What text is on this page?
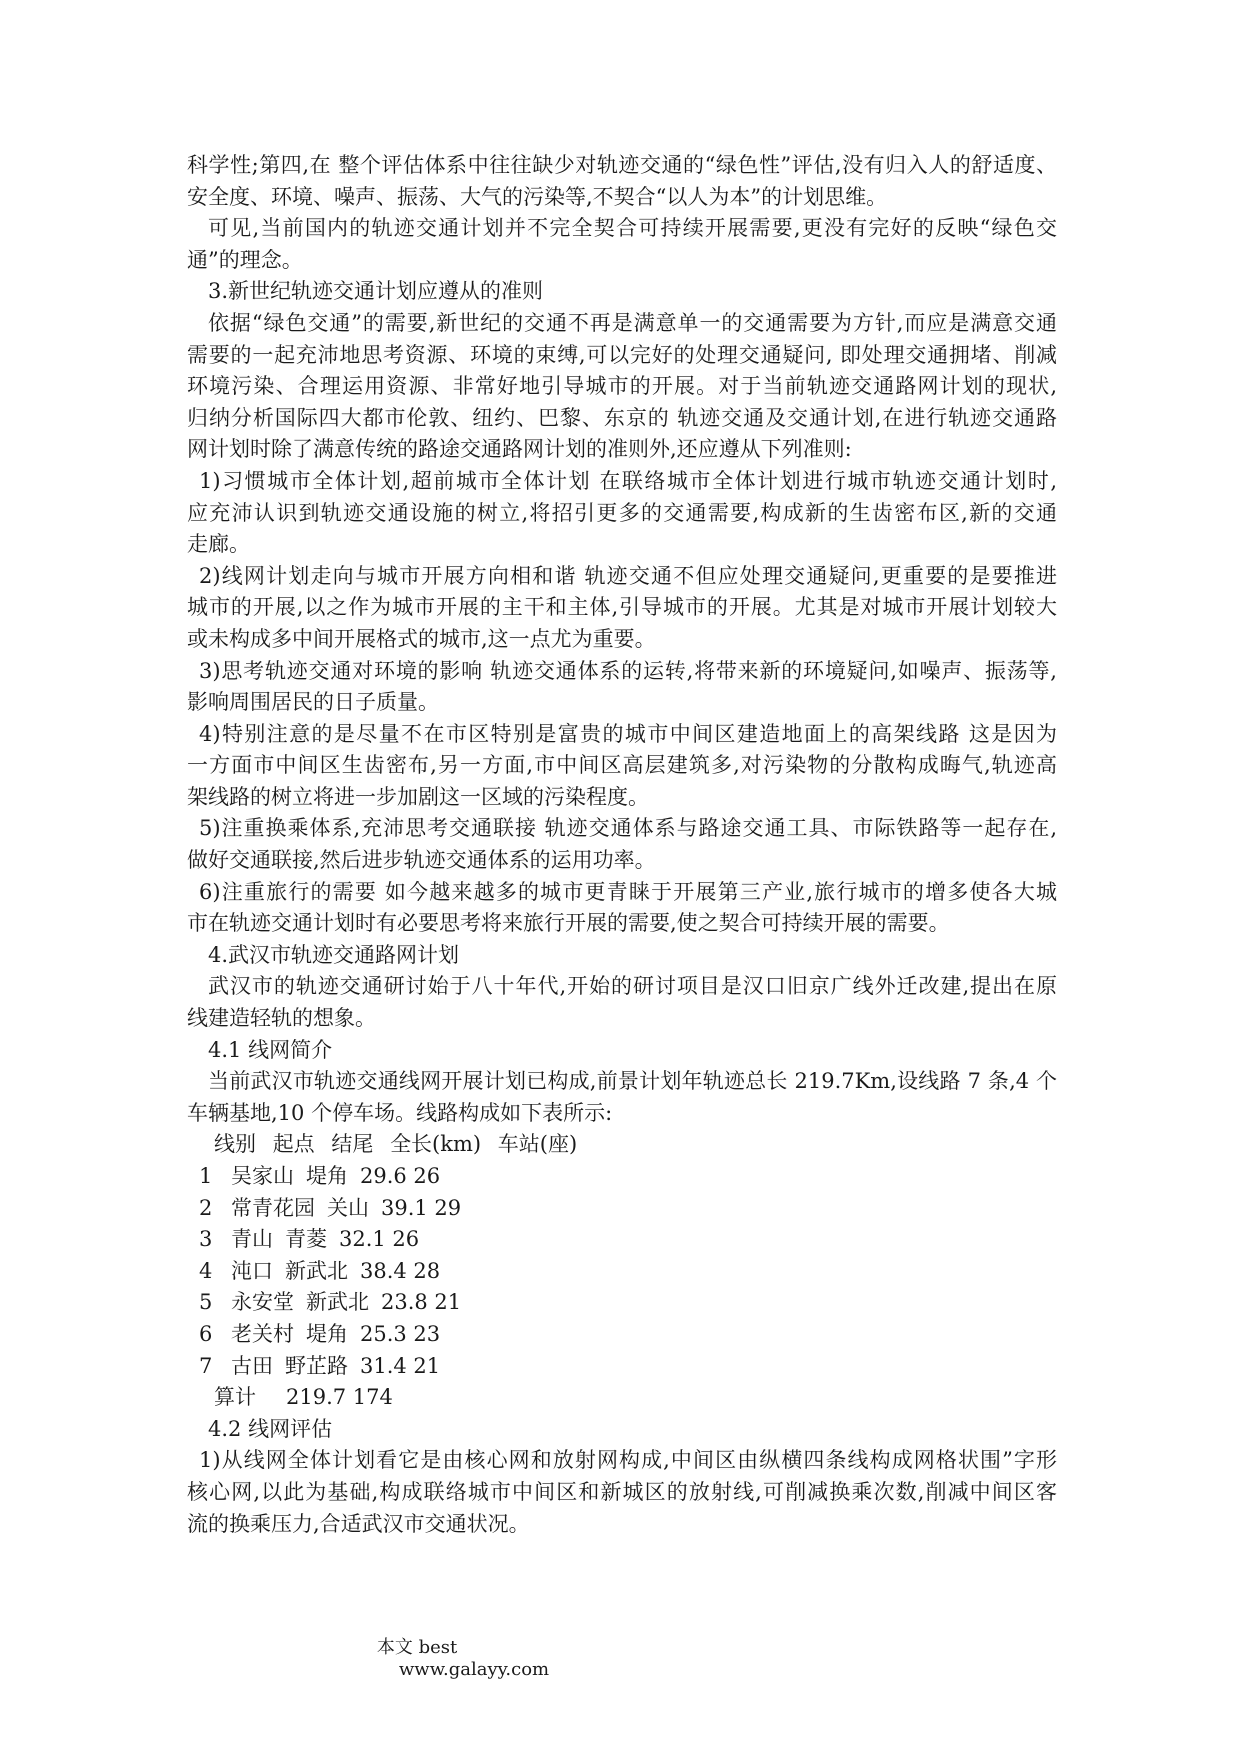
科学性;第四,在 整个评估体系中往往缺少对轨迹交通的“绿色性”评估,没有归入人的舒适度、
安全度、环境、噪声、振荡、大气的污染等,不契合“以人为本”的计划思维。
可见,当前国内的轨迹交通计划并不完全契合可持续开展需要,更没有完好的反映“绿色交
通”的理念。
3.新世纪轨迹交通计划应遵从的准则
依据“绿色交通”的需要,新世纪的交通不再是满意单一的交通需要为方针,而应是满意交通
需要的一起充沛地思考资源、环境的束缚,可以完好的处理交通疑问, 即处理交通拥堵、削减
环境污染、合理运用资源、非常好地引导城市的开展。对于当前轨迹交通路网计划的现状,
归纳分析国际四大都市伦敦、纽约、巴黎、东京的 轨迹交通及交通计划,在进行轨迹交通路
网计划时除了满意传统的路途交通路网计划的准则外,还应遵从下列准则:
1)习惯城市全体计划,超前城市全体计划 在联络城市全体计划进行城市轨迹交通计划时,
应充沛认识到轨迹交通设施的树立,将招引更多的交通需要,构成新的生齿密布区,新的交通
走廊。
2)线网计划走向与城市开展方向相和谐 轨迹交通不但应处理交通疑问,更重要的是要推进
城市的开展,以之作为城市开展的主干和主体,引导城市的开展。尤其是对城市开展计划较大
或未构成多中间开展格式的城市,这一点尤为重要。
3)思考轨迹交通对环境的影响 轨迹交通体系的运转,将带来新的环境疑问,如噪声、振荡等,
影响周围居民的日子质量。
4)特别注意的是尽量不在市区特别是富贵的城市中间区建造地面上的高架线路 这是因为
一方面市中间区生齿密布,另一方面,市中间区高层建筑多,对污染物的分散构成晦气,轨迹高
架线路的树立将进一步加剧这一区域的污染程度。
5)注重换乘体系,充沛思考交通联接 轨迹交通体系与路途交通工具、市际铁路等一起存在,
做好交通联接,然后进步轨迹交通体系的运用功率。
6)注重旅行的需要 如今越来越多的城市更青睐于开展第三产业,旅行城市的增多使各大城
市在轨迹交通计划时有必要思考将来旅行开展的需要,使之契合可持续开展的需要。
4.武汉市轨迹交通路网计划
武汉市的轨迹交通研讨始于八十年代,开始的研讨项目是汉口旧京广线外迁改建,提出在原
线建造轻轨的想象。
4.1 线网简介
当前武汉市轨迹交通线网开展计划已构成,前景计划年轨迹总长 219.7Km,设线路 7 条,4 个
车辆基地,10 个停车场。线路构成如下表所示:
线别 起点 结尾 全长(km) 车站(座)
1 吴家山 堤角 29.6 26
2 常青花园 关山 39.1 29
3 青山 青菱 32.1 26
4 沌口 新武北 38.4 28
5 永安堂 新武北 23.8 21
6 老关村 堤角 25.3 23
7 古田 野芷路 31.4 21
算计 219.7 174
4.2 线网评估
1)从线网全体计划看它是由核心网和放射网构成,中间区由纵横四条线构成网格状围”字形
核心网,以此为基础,构成联络城市中间区和新城区的放射线,可削减换乘次数,削减中间区客
流的换乘压力,合适武汉市交通状况。

本文 best
www.galayy.com
